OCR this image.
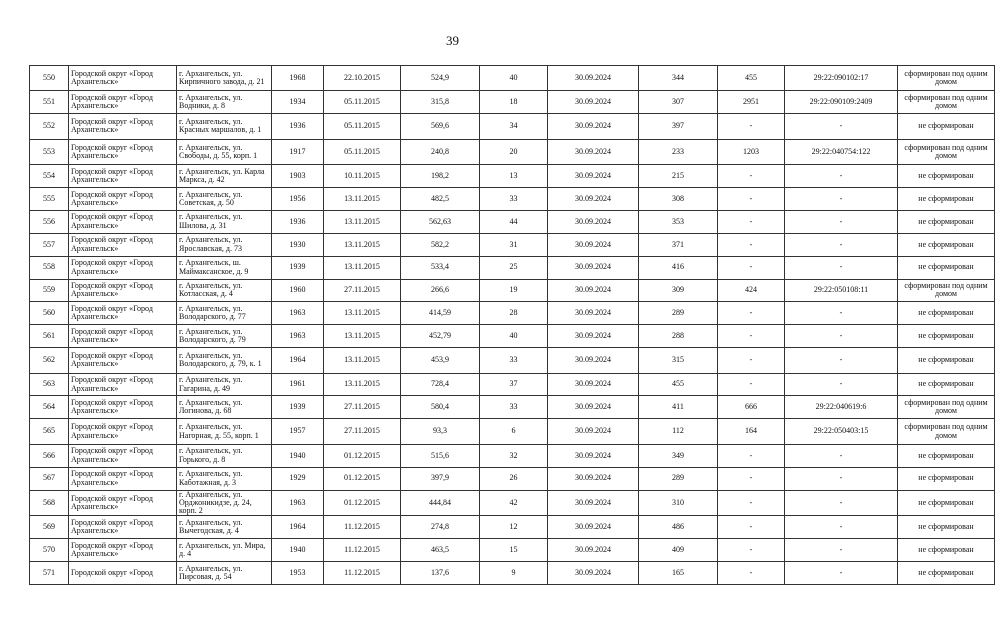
39
550	Городской округ «Город Архангельск»	г. Архангельск, ул. Кирпичного завода, д. 21	1968	22.10.2015	524,9	40	30.09.2024	344	455	29:22:090102:17	сформирован под одним домом
551	Городской округ «Город Архангельск»	г. Архангельск, ул. Водники, д. 8	1934	05.11.2015	315,8	18	30.09.2024	307	2951	29:22:090109:2409	сформирован под одним домом
552	Городской округ «Город Архангельск»	г. Архангельск, ул. Красных маршалов, д. 1	1936	05.11.2015	569,6	34	30.09.2024	397	-	-	не сформирован
553	Городской округ «Город Архангельск»	г. Архангельск, ул. Свободы, д. 55, корп. 1	1917	05.11.2015	240,8	20	30.09.2024	233	1203	29:22:040754:122	сформирован под одним домом
554	Городской округ «Город Архангельск»	г. Архангельск, ул. Карла Маркса, д. 42	1903	10.11.2015	198,2	13	30.09.2024	215	-	-	не сформирован
555	Городской округ «Город Архангельск»	г. Архангельск, ул. Советская, д. 50	1956	13.11.2015	482,5	33	30.09.2024	308	-	-	не сформирован
556	Городской округ «Город Архангельск»	г. Архангельск, ул. Шилова, д. 31	1936	13.11.2015	562,63	44	30.09.2024	353	-	-	не сформирован
557	Городской округ «Город Архангельск»	г. Архангельск, ул. Ярославская, д. 73	1930	13.11.2015	582,2	31	30.09.2024	371	-	-	не сформирован
558	Городской округ «Город Архангельск»	г. Архангельск, ш. Маймаксанское, д. 9	1939	13.11.2015	533,4	25	30.09.2024	416	-	-	не сформирован
559	Городской округ «Город Архангельск»	г. Архангельск, ул. Котласская, д. 4	1960	27.11.2015	266,6	19	30.09.2024	309	424	29:22:050108:11	сформирован под одним домом
560	Городской округ «Город Архангельск»	г. Архангельск, ул. Володарского, д. 77	1963	13.11.2015	414,59	28	30.09.2024	289	-	-	не сформирован
561	Городской округ «Город Архангельск»	г. Архангельск, ул. Володарского, д. 79	1963	13.11.2015	452,79	40	30.09.2024	288	-	-	не сформирован
562	Городской округ «Город Архангельск»	г. Архангельск, ул. Володарского, д. 79, к. 1	1964	13.11.2015	453,9	33	30.09.2024	315	-	-	не сформирован
563	Городской округ «Город Архангельск»	г. Архангельск, ул. Гагарина, д. 49	1961	13.11.2015	728,4	37	30.09.2024	455	-	-	не сформирован
564	Городской округ «Город Архангельск»	г. Архангельск, ул. Логинова, д. 68	1939	27.11.2015	580,4	33	30.09.2024	411	666	29:22:040619:6	сформирован под одним домом
565	Городской округ «Город Архангельск»	г. Архангельск, ул. Нагорная, д. 55, корп. 1	1957	27.11.2015	93,3	6	30.09.2024	112	164	29:22:050403:15	сформирован под одним домом
566	Городской округ «Город Архангельск»	г. Архангельск, ул. Горького, д. 8	1940	01.12.2015	515,6	32	30.09.2024	349	-	-	не сформирован
567	Городской округ «Город Архангельск»	г. Архангельск, ул. Каботажная, д. 3	1929	01.12.2015	397,9	26	30.09.2024	289	-	-	не сформирован
568	Городской округ «Город Архангельск»	г. Архангельск, ул. Орджоникидзе, д. 24, корп. 2	1963	01.12.2015	444,84	42	30.09.2024	310	-	-	не сформирован
569	Городской округ «Город Архангельск»	г. Архангельск, ул. Вычегодская, д. 4	1964	11.12.2015	274,8	12	30.09.2024	486	-	-	не сформирован
570	Городской округ «Город Архангельск»	г. Архангельск, ул. Мира, д. 4	1940	11.12.2015	463,5	15	30.09.2024	409	-	-	не сформирован
571	Городской округ «Город	г. Архангельск, ул. Пирсовая, д. 54	1953	11.12.2015	137,6	9	30.09.2024	165	-	-	не сформирован
